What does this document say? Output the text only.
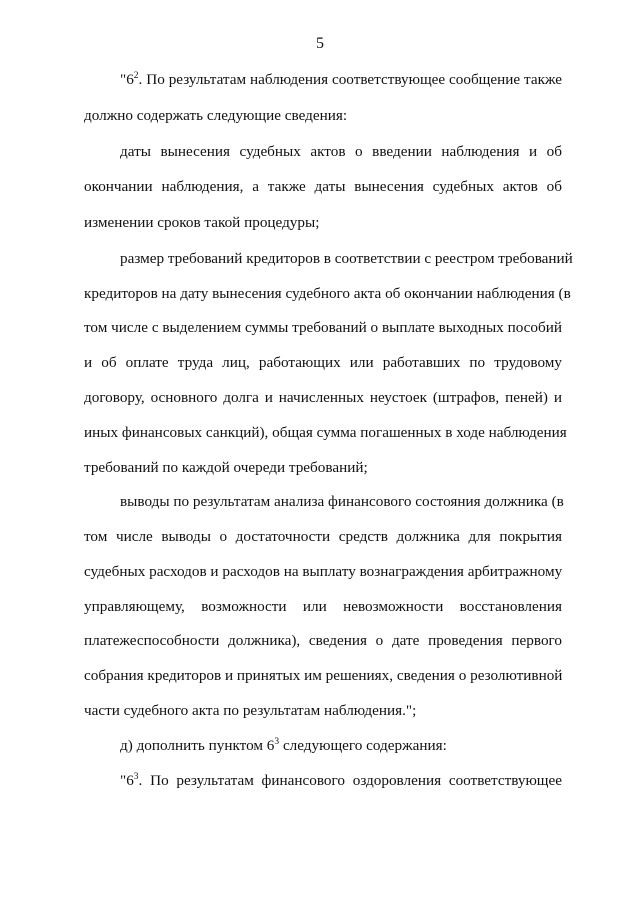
5
"$6^2$. По результатам наблюдения соответствующее сообщение также
должно содержать следующие сведения:
даты вынесения судебных актов о введении наблюдения и об
окончании наблюдения, а также даты вынесения судебных актов об
изменении сроков такой процедуры;
размер требований кредиторов в соответствии с реестром требований
кредиторов на дату вынесения судебного акта об окончании наблюдения (в
том числе с выделением суммы требований о выплате выходных пособий
и об оплате труда лиц, работающих или работавших по трудовому
договору, основного долга и начисленных неустоек (штрафов, пеней) и
иных финансовых санкций), общая сумма погашенных в ходе наблюдения
требований по каждой очереди требований;
выводы по результатам анализа финансового состояния должника (в
том числе выводы о достаточности средств должника для покрытия
судебных расходов и расходов на выплату вознаграждения арбитражному
управляющему, возможности или невозможности восстановления
платежеспособности должника), сведения о дате проведения первого
собрания кредиторов и принятых им решениях, сведения о резолютивной
части судебного акта по результатам наблюдения.";
д) дополнить пунктом $6^3$ следующего содержания:
"$6^3$. По результатам финансового оздоровления соответствующее
